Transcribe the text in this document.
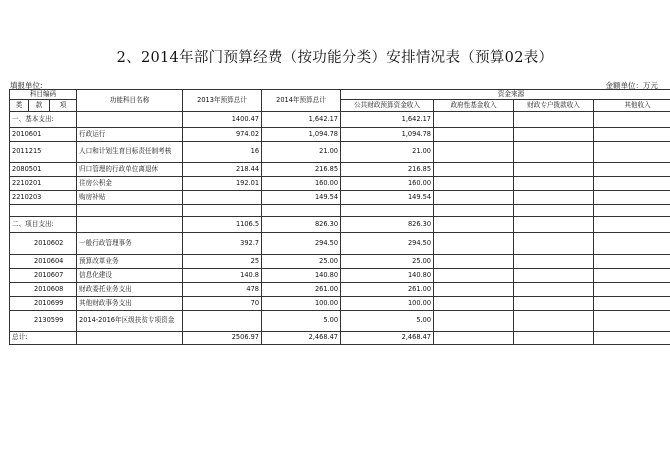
2、2014年部门预算经费（按功能分类）安排情况表（预算02表）
填报单位:	金额单位：万元
科目编码			功能科目名称	2013年预算总计	2014年预算总计	资金来源			
类	款	项				公共财政预算资金收入	政府性基金收入	财政专户拨款收入	其他收入

一、基本支出:				1400.47	1,642.17	1,642.17			
2010601			行政运行	974.02	1,094.78	1,094.78			
2011215			人口和计划生育目标责任制考核	16	21.00	21.00			
2080501			归口管理的行政单位离退休	218.44	216.85	216.85			
2210201			住房公积金	192.01	160.00	160.00			
2210203			购房补贴		149.54	149.54			

二、项目支出:				1106.5	826.30	826.30			
2010602			一般行政管理事务	392.7	294.50	294.50			
2010604			预算改革业务	25	25.00	25.00			
2010607			信息化建设	140.8	140.80	140.80			
2010608			财政委托业务支出	478	261.00	261.00			
2010699			其他财政事务支出	70	100.00	100.00			
2130599			2014-2016年区级扶贫专项资金		5.00	5.00			
总计:				2506.97	2,468.47	2,468.47			
